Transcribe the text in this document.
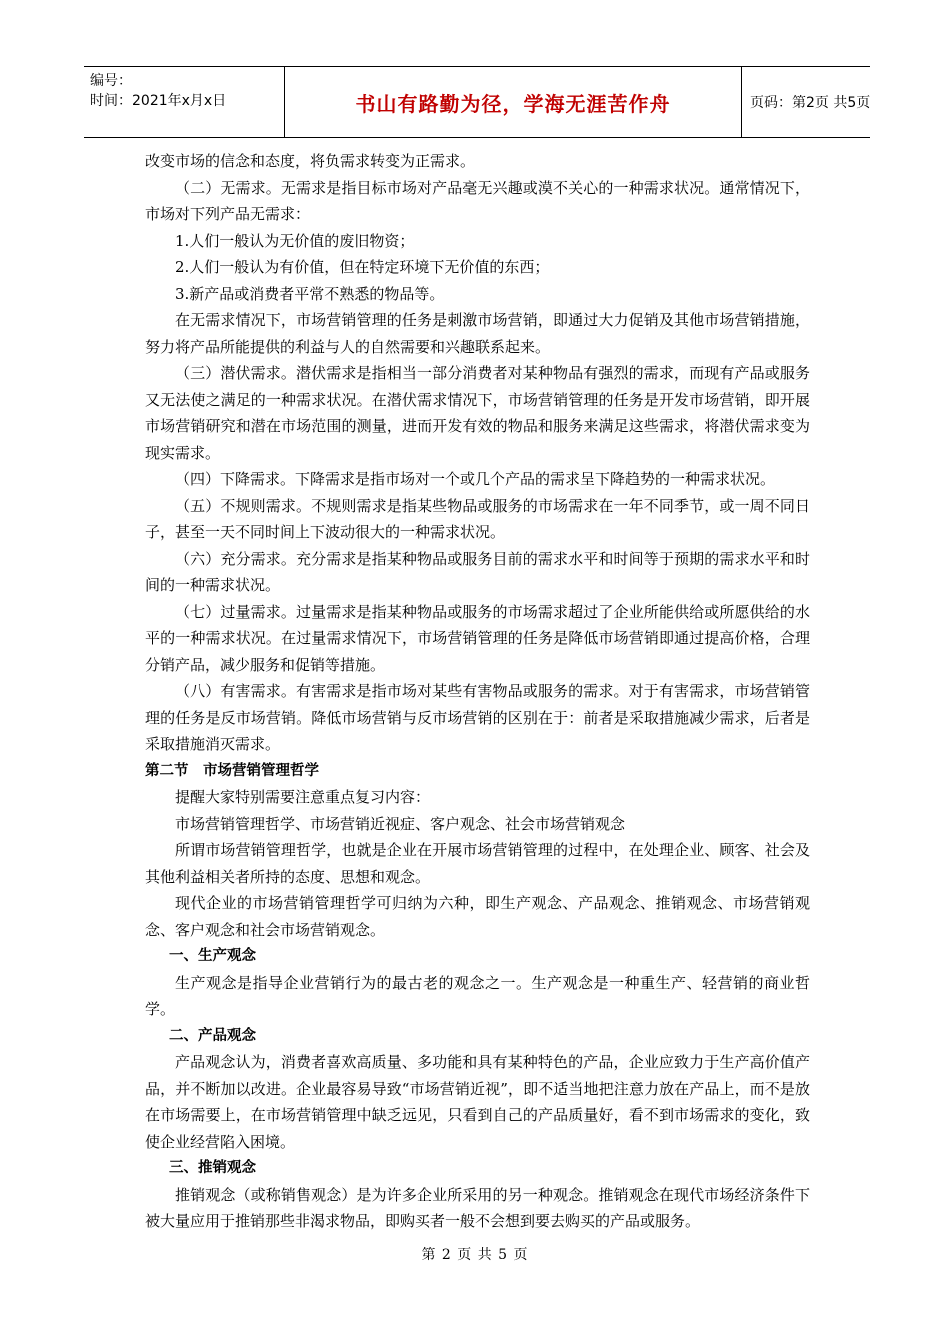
编号：
时间：2021年x月x日	书山有路勤为径，学海无涯苦作舟	页码：第2页 共5页

改变市场的信念和态度，将负需求转变为正需求。

（二）无需求。无需求是指目标市场对产品毫无兴趣或漠不关心的一种需求状况。通常情况下，市场对下列产品无需求：

1.人们一般认为无价值的废旧物资；

2.人们一般认为有价值，但在特定环境下无价值的东西；

3.新产品或消费者平常不熟悉的物品等。

在无需求情况下，市场营销管理的任务是刺激市场营销，即通过大力促销及其他市场营销措施，努力将产品所能提供的利益与人的自然需要和兴趣联系起来。

（三）潜伏需求。潜伏需求是指相当一部分消费者对某种物品有强烈的需求，而现有产品或服务又无法使之满足的一种需求状况。在潜伏需求情况下，市场营销管理的任务是开发市场营销，即开展市场营销研究和潜在市场范围的测量，进而开发有效的物品和服务来满足这些需求，将潜伏需求变为现实需求。

（四）下降需求。下降需求是指市场对一个或几个产品的需求呈下降趋势的一种需求状况。

（五）不规则需求。不规则需求是指某些物品或服务的市场需求在一年不同季节，或一周不同日子，甚至一天不同时间上下波动很大的一种需求状况。

（六）充分需求。充分需求是指某种物品或服务目前的需求水平和时间等于预期的需求水平和时间的一种需求状况。

（七）过量需求。过量需求是指某种物品或服务的市场需求超过了企业所能供给或所愿供给的水平的一种需求状况。在过量需求情况下，市场营销管理的任务是降低市场营销即通过提高价格，合理分销产品，减少服务和促销等措施。

（八）有害需求。有害需求是指市场对某些有害物品或服务的需求。对于有害需求，市场营销管理的任务是反市场营销。降低市场营销与反市场营销的区别在于：前者是采取措施减少需求，后者是采取措施消灭需求。

第二节　市场营销管理哲学

提醒大家特别需要注意重点复习内容：

市场营销管理哲学、市场营销近视症、客户观念、社会市场营销观念

所谓市场营销管理哲学，也就是企业在开展市场营销管理的过程中，在处理企业、顾客、社会及其他利益相关者所持的态度、思想和观念。

现代企业的市场营销管理哲学可归纳为六种，即生产观念、产品观念、推销观念、市场营销观念、客户观念和社会市场营销观念。

一、生产观念

生产观念是指导企业营销行为的最古老的观念之一。生产观念是一种重生产、轻营销的商业哲学。

二、产品观念

产品观念认为，消费者喜欢高质量、多功能和具有某种特色的产品，企业应致力于生产高价值产品，并不断加以改进。企业最容易导致“市场营销近视”，即不适当地把注意力放在产品上，而不是放在市场需要上，在市场营销管理中缺乏远见，只看到自己的产品质量好，看不到市场需求的变化，致使企业经营陷入困境。

三、推销观念

推销观念（或称销售观念）是为许多企业所采用的另一种观念。推销观念在现代市场经济条件下被大量应用于推销那些非渴求物品，即购买者一般不会想到要去购买的产品或服务。

第 2 页 共 5 页
